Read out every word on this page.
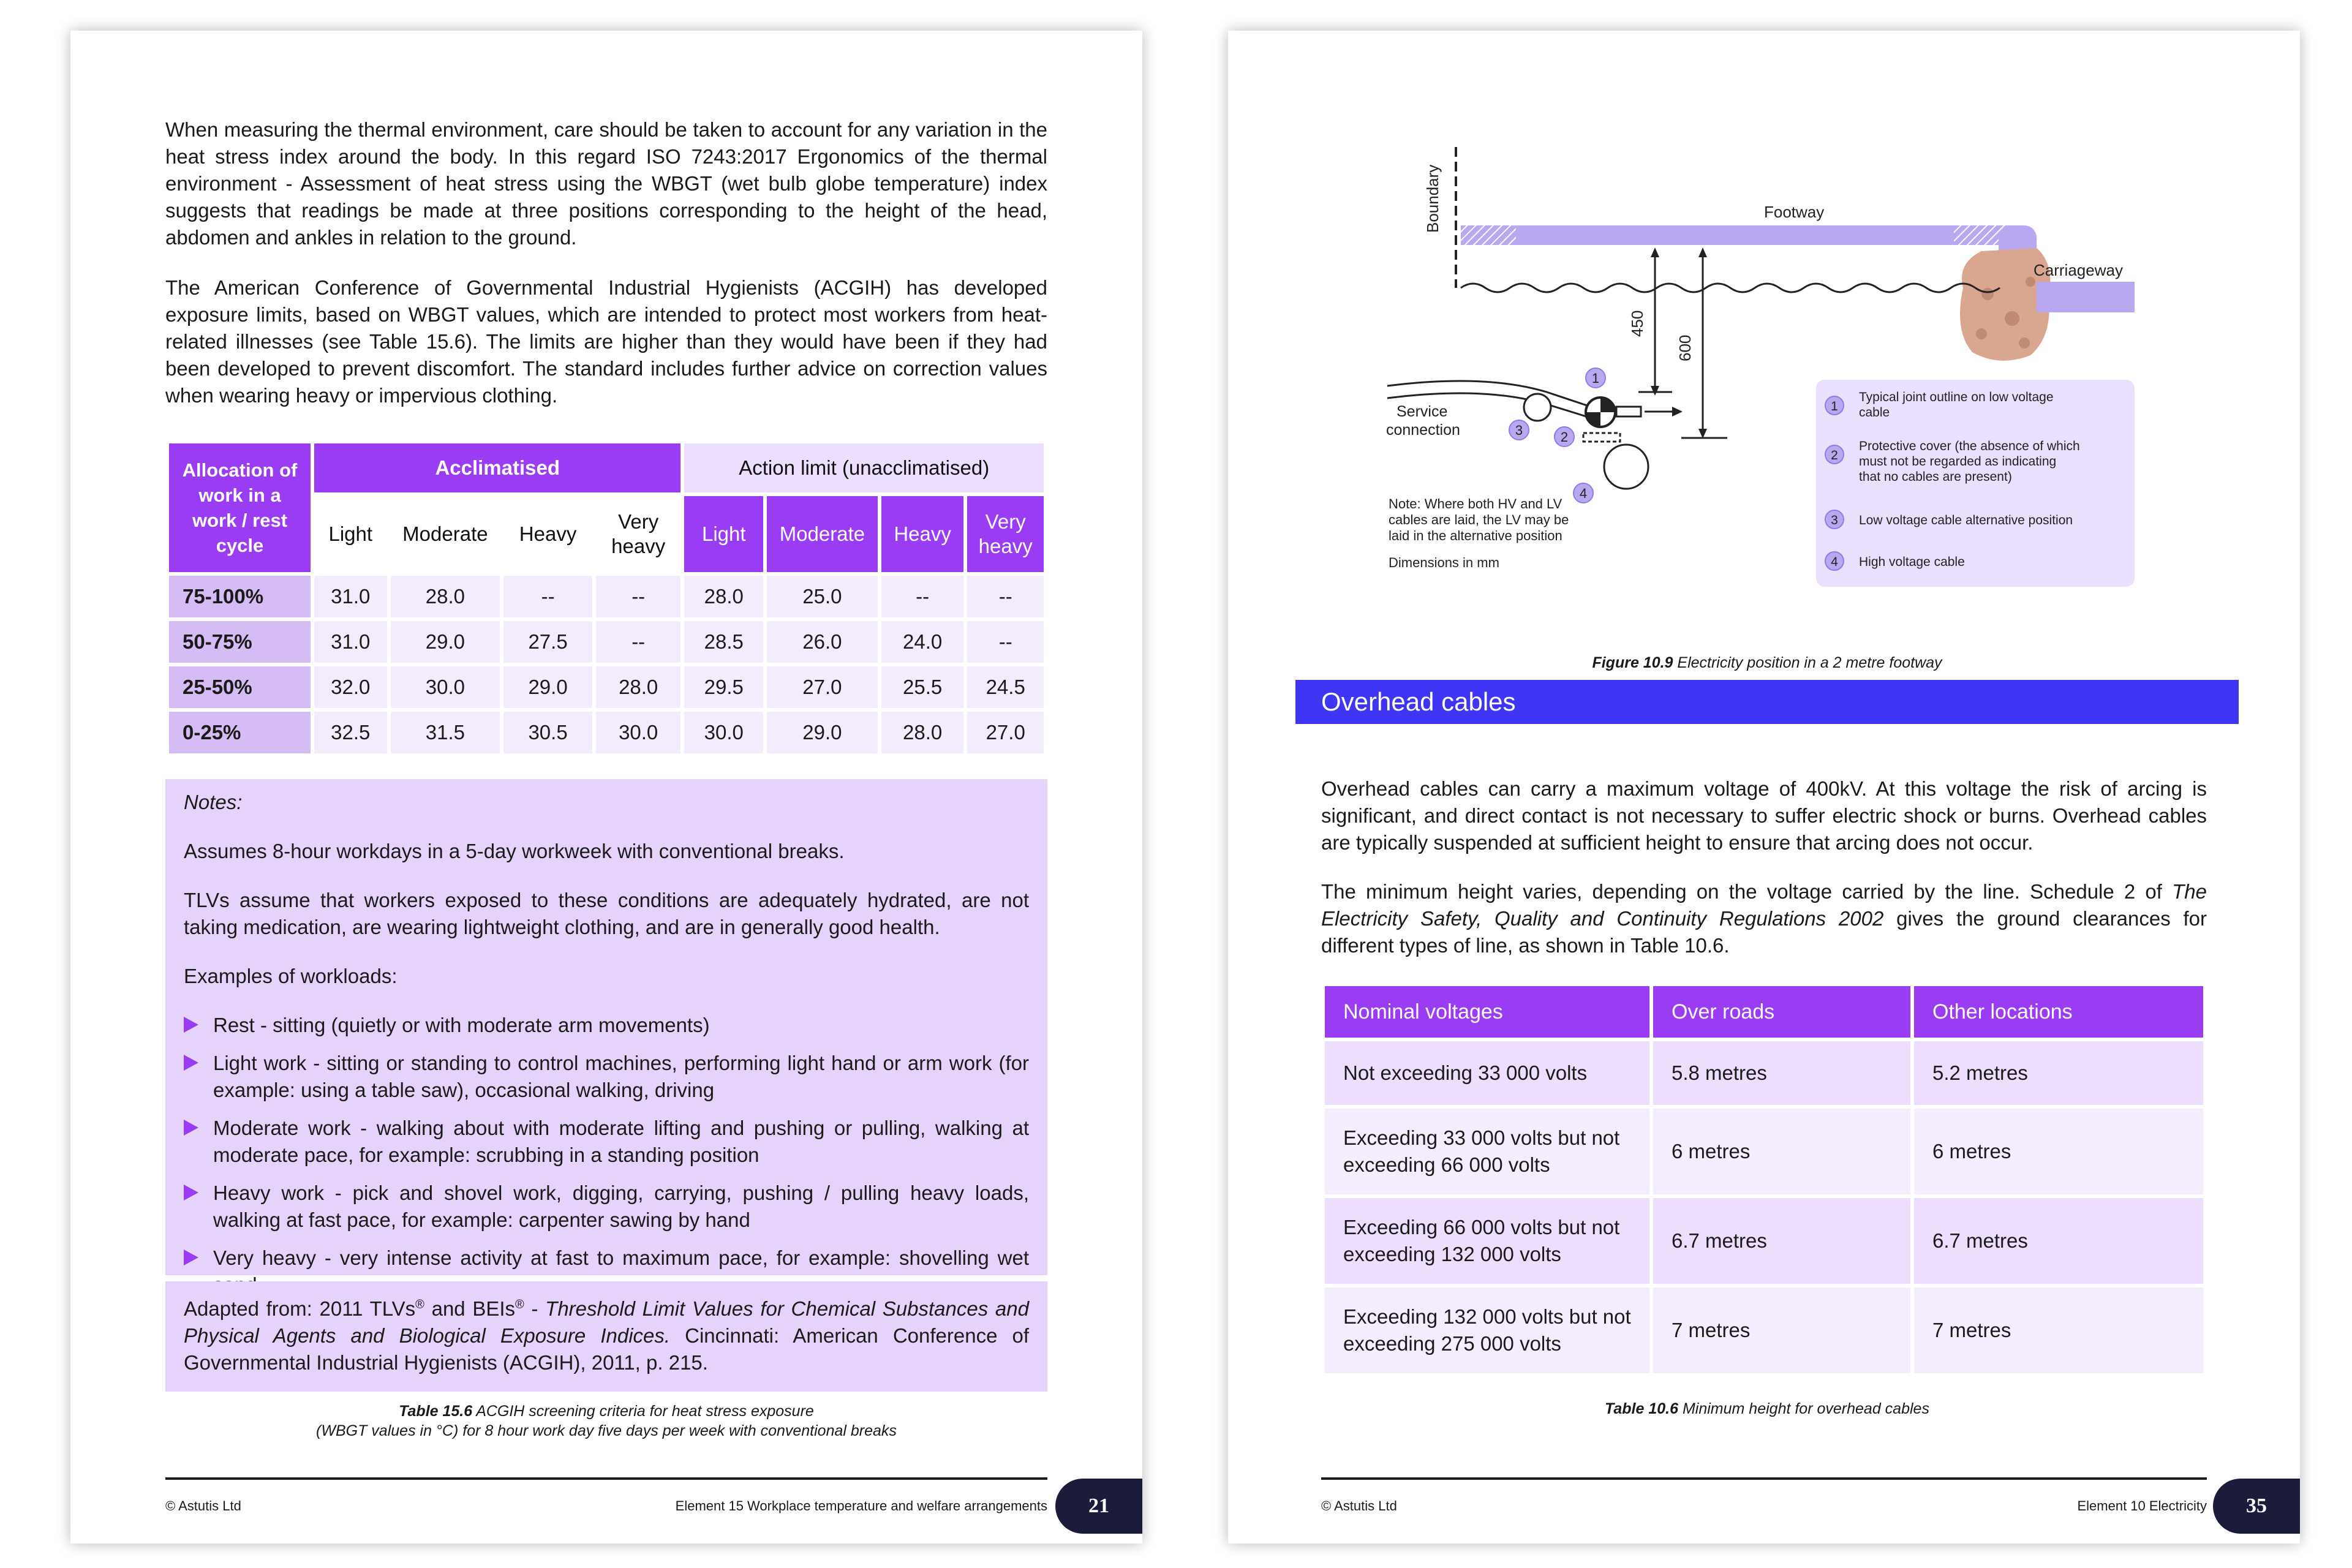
When measuring the thermal environment, care should be taken to account for any variation in the heat stress index around the body. In this regard ISO 7243:2017 Ergonomics of the thermal environment - Assessment of heat stress using the WBGT (wet bulb globe temperature) index suggests that readings be made at three positions corresponding to the height of the head, abdomen and ankles in relation to the ground.

The American Conference of Governmental Industrial Hygienists (ACGIH) has developed exposure limits, based on WBGT values, which are intended to protect most workers from heat-related illnesses (see Table 15.6). The limits are higher than they would have been if they had been developed to prevent discomfort. The standard includes further advice on correction values when wearing heavy or impervious clothing.

Allocation of work in a work / rest cycle	Acclimatised				Action limit (unacclimatised)			
	Light	Moderate	Heavy	Very heavy	Light	Moderate	Heavy	Very heavy
75-100%	31.0	28.0	--	--	28.0	25.0	--	--
50-75%	31.0	29.0	27.5	--	28.5	26.0	24.0	--
25-50%	32.0	30.0	29.0	28.0	29.5	27.0	25.5	24.5
0-25%	32.5	31.5	30.5	30.0	30.0	29.0	28.0	27.0

Notes:

Assumes 8-hour workdays in a 5-day workweek with conventional breaks.

TLVs assume that workers exposed to these conditions are adequately hydrated, are not taking medication, are wearing lightweight clothing, and are in generally good health.

Examples of workloads:

Rest - sitting (quietly or with moderate arm movements)
Light work - sitting or standing to control machines, performing light hand or arm work (for example: using a table saw), occasional walking, driving
Moderate work - walking about with moderate lifting and pushing or pulling, walking at moderate pace, for example: scrubbing in a standing position
Heavy work - pick and shovel work, digging, carrying, pushing / pulling heavy loads, walking at fast pace, for example: carpenter sawing by hand
Very heavy - very intense activity at fast to maximum pace, for example: shovelling wet

Adapted from: 2011 TLVs® and BEIs® - Threshold Limit Values for Chemical Substances and Physical Agents and Biological Exposure Indices. Cincinnati: American Conference of Governmental Industrial Hygienists (ACGIH), 2011, p. 215.

Table 15.6 ACGIH screening criteria for heat stress exposure
(WBGT values in °C) for 8 hour work day five days per week with conventional breaks
© Astutis Ltd	Element 15 Workplace temperature and welfare arrangements	21
Boundary	Footway
Carriageway
450
600
Service
connection
1
2
3
4
Note: Where both HV and LV
cables are laid, the LV may be
laid in the alternative position
Dimensions in mm
1
Typical joint outline on low voltage
cable
2
Protective cover (the absence of which
must not be regarded as indicating
that no cables are present)
3 Low voltage cable alternative position
4 High voltage cable
Figure 10.9 Electricity position in a 2 metre footway
Overhead cables

Overhead cables can carry a maximum voltage of 400kV. At this voltage the risk of arcing is significant, and direct contact is not necessary to suffer electric shock or burns. Overhead cables are typically suspended at sufficient height to ensure that arcing does not occur.

The minimum height varies, depending on the voltage carried by the line. Schedule 2 of The Electricity Safety, Quality and Continuity Regulations 2002 gives the ground clearances for different types of line, as shown in Table 10.6.

Nominal voltages	Over roads	Other locations
Not exceeding 33 000 volts	5.8 metres	5.2 metres
Exceeding 33 000 volts but not exceeding 66 000 volts	6 metres	6 metres
Exceeding 66 000 volts but not exceeding 132 000 volts	6.7 metres	6.7 metres
Exceeding 132 000 volts but not exceeding 275 000 volts	7 metres	7 metres
Table 10.6 Minimum height for overhead cables
© Astutis Ltd	Element 10 Electricity	35
